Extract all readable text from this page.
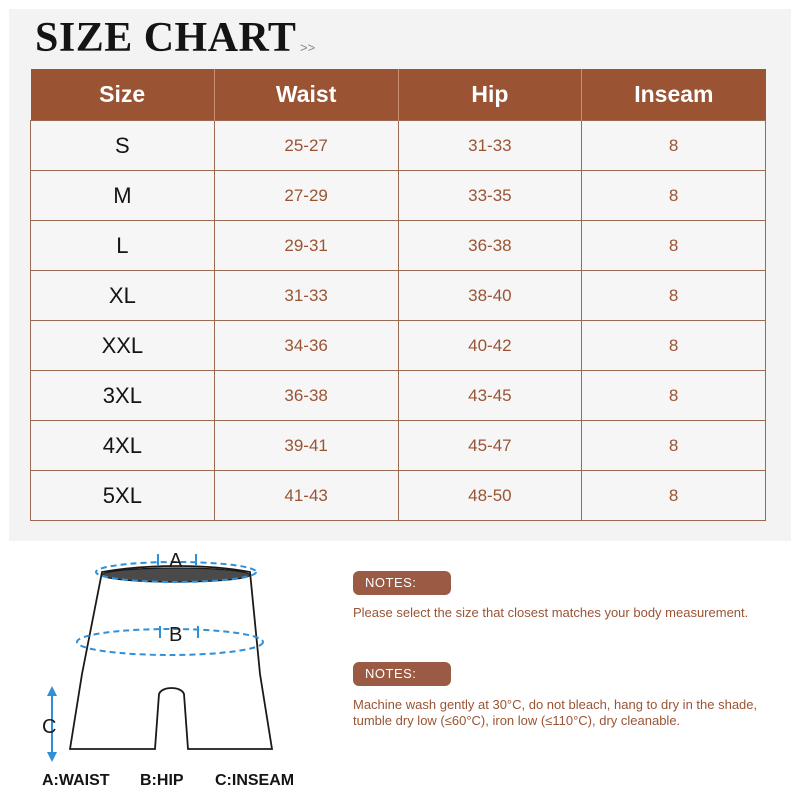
SIZE CHART >>
Size	Waist	Hip	Inseam
S	25-27	31-33	8
M	27-29	33-35	8
L	29-31	36-38	8
XL	31-33	38-40	8
XXL	34-36	40-42	8
3XL	36-38	43-45	8
4XL	39-41	45-47	8
5XL	41-43	48-50	8
A
B
C
A:WAIST B:HIP C:INSEAM
NOTES:
Please select the size that closest matches your body measurement.
NOTES:
Machine wash gently at 30°C, do not bleach, hang to dry in the shade, tumble dry low (≤60°C), iron low (≤110°C), dry cleanable.
